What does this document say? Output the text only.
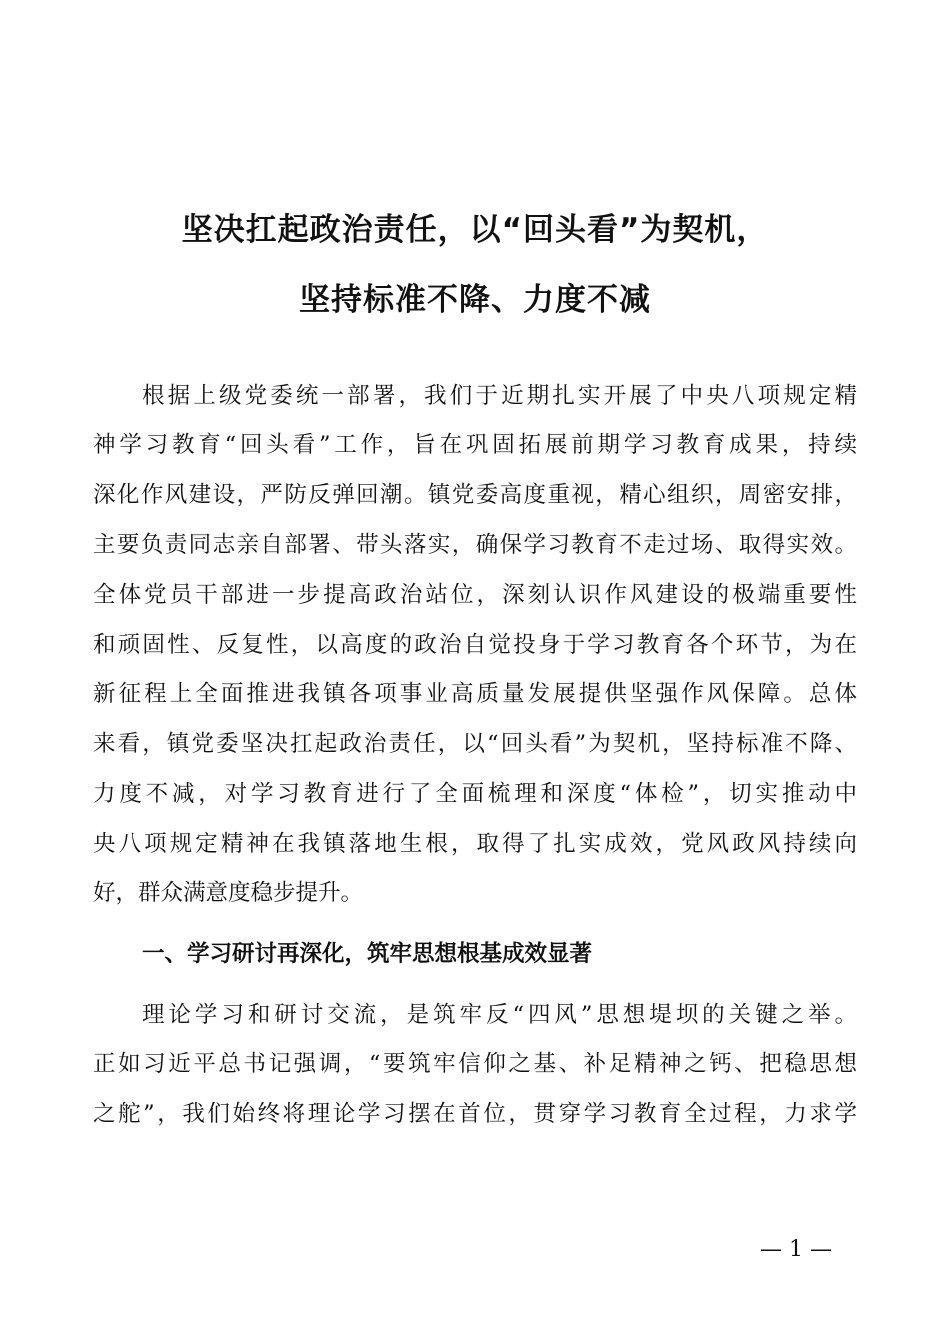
坚决扛起政治责任，以“回头看”为契机，
坚持标准不降、力度不减
根据上级党委统一部署，我们于近期扎实开展了中央八项规定精
神学习教育“回头看”工作，旨在巩固拓展前期学习教育成果，持续
深化作风建设，严防反弹回潮。镇党委高度重视，精心组织，周密安排，
主要负责同志亲自部署、带头落实，确保学习教育不走过场、取得实效。
全体党员干部进一步提高政治站位，深刻认识作风建设的极端重要性
和顽固性、反复性，以高度的政治自觉投身于学习教育各个环节，为在
新征程上全面推进我镇各项事业高质量发展提供坚强作风保障。总体
来看，镇党委坚决扛起政治责任，以“回头看”为契机，坚持标准不降、
力度不减，对学习教育进行了全面梳理和深度“体检”，切实推动中
央八项规定精神在我镇落地生根，取得了扎实成效，党风政风持续向
好，群众满意度稳步提升。
一、学习研讨再深化，筑牢思想根基成效显著
理论学习和研讨交流，是筑牢反“四风”思想堤坝的关键之举。
正如习近平总书记强调，“要筑牢信仰之基、补足精神之钙、把稳思想
之舵”，我们始终将理论学习摆在首位，贯穿学习教育全过程，力求学
— 1 —
